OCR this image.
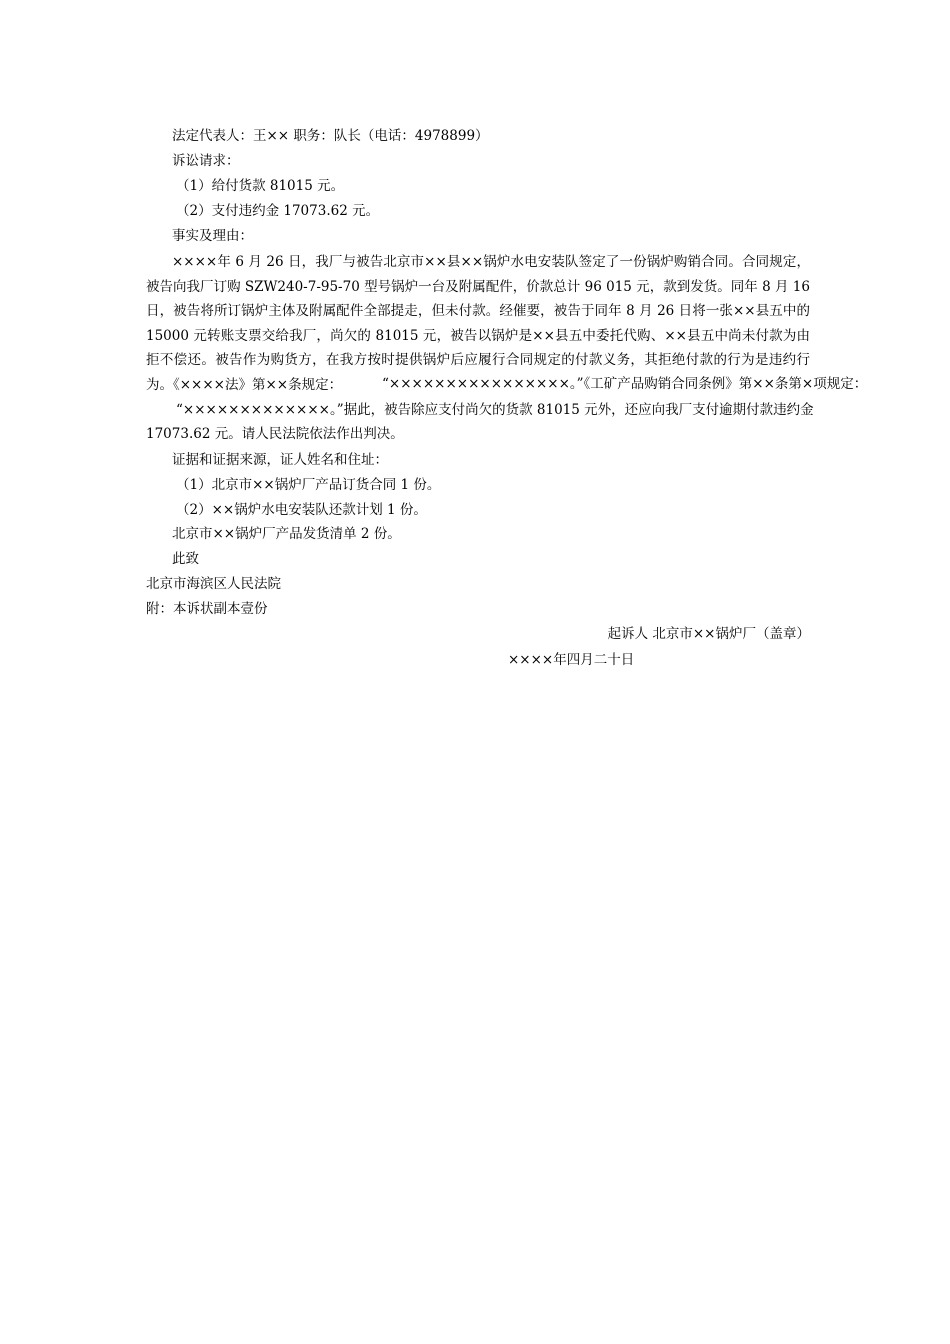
法定代表人：王×× 职务：队长（电话：4978899）
诉讼请求：
（1）给付货款 81015 元。
（2）支付违约金 17073.62 元。
事实及理由：
××××年 6 月 26 日，我厂与被告北京市××县××锅炉水电安装队签定了一份锅炉购销合同。合同规定，被告向我厂订购 SZW240-7-95-70 型号锅炉一台及附属配件，价款总计 96 015 元，款到发货。同年 8 月 16 日，被告将所订锅炉主体及附属配件全部提走，但未付款。经催要，被告于同年 8 月 26 日将一张××县五中的 15000 元转账支票交给我厂，尚欠的 81015 元，被告以锅炉是××县五中委托代购、××县五中尚未付款为由拒不偿还。被告作为购货方，在我方按时提供锅炉后应履行合同规定的付款义务，其拒绝付款的行为是违约行为。《××××法》第××条规定：	“××××××××××××××××。”《工矿产品购销合同条例》第××条第×项规定：
“×××××××××××××。”据此，被告除应支付尚欠的货款 81015 元外，还应向我厂支付逾期付款违约金
17073.62 元。请人民法院依法作出判决。
证据和证据来源，证人姓名和住址：
（1）北京市××锅炉厂产品订货合同 1 份。
（2）××锅炉水电安装队还款计划 1 份。
北京市××锅炉厂产品发货清单 2 份。
此致
北京市海滨区人民法院
附：本诉状副本壹份
起诉人 北京市××锅炉厂（盖章）
××××年四月二十日
